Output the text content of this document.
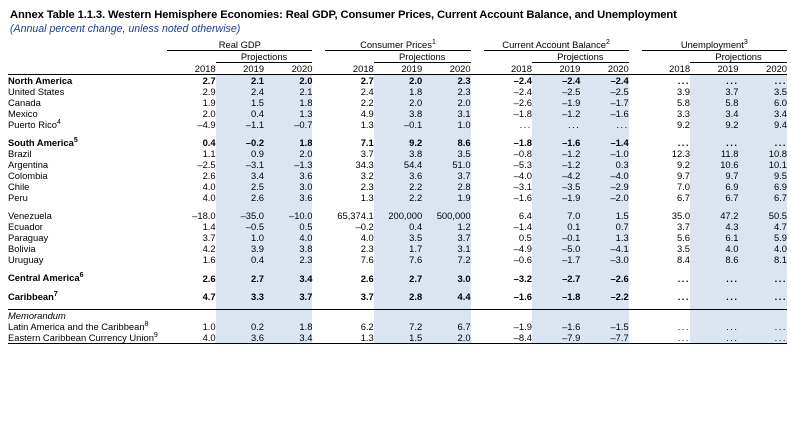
Annex Table 1.1.3. Western Hemisphere Economies: Real GDP, Consumer Prices, Current Account Balance, and Unemployment
(Annual percent change, unless noted otherwise)
	Real GDP				Consumer Prices$^1$				Current Account Balance$^2$				Unemployment$^3$
		Projections				Projections				Projections				Projections	
	2018	2019	2020		2018	2019	2020		2018	2019	2020		2018	2019	2020
North America	2.7	2.1	2.0		2.7	2.0	2.3		–2.4	–2.4	–2.4		...	...	...
United States	2.9	2.4	2.1		2.4	1.8	2.3		–2.4	–2.5	–2.5		3.9	3.7	3.5
Canada	1.9	1.5	1.8		2.2	2.0	2.0		–2.6	–1.9	–1.7		5.8	5.8	6.0
Mexico	2.0	0.4	1.3		4.9	3.8	3.1		–1.8	–1.2	–1.6		3.3	3.4	3.4
Puerto Rico$^4$	–4.9	–1.1	–0.7		1.3	–0.1	1.0		...	...	...		9.2	9.2	9.4

South America$^5$	0.4	–0.2	1.8		7.1	9.2	8.6		–1.8	–1.6	–1.4		...	...	...
Brazil	1.1	0.9	2.0		3.7	3.8	3.5		–0.8	–1.2	–1.0		12.3	11.8	10.8
Argentina	–2.5	–3.1	–1.3		34.3	54.4	51.0		–5.3	–1.2	0.3		9.2	10.6	10.1
Colombia	2.6	3.4	3.6		3.2	3.6	3.7		–4.0	–4.2	–4.0		9.7	9.7	9.5
Chile	4.0	2.5	3.0		2.3	2.2	2.8		–3.1	–3.5	–2.9		7.0	6.9	6.9
Peru	4.0	2.6	3.6		1.3	2.2	1.9		–1.6	–1.9	–2.0		6.7	6.7	6.7

Venezuela	–18.0	–35.0	–10.0		65,374.1	200,000	500,000		6.4	7.0	1.5		35.0	47.2	50.5
Ecuador	1.4	–0.5	0.5		–0.2	0.4	1.2		–1.4	0.1	0.7		3.7	4.3	4.7
Paraguay	3.7	1.0	4.0		4.0	3.5	3.7		0.5	–0.1	1.3		5.6	6.1	5.9
Bolivia	4.2	3.9	3.8		2.3	1.7	3.1		–4.9	–5.0	–4.1		3.5	4.0	4.0
Uruguay	1.6	0.4	2.3		7.6	7.6	7.2		–0.6	–1.7	–3.0		8.4	8.6	8.1

Central America$^6$	2.6	2.7	3.4		2.6	2.7	3.0		–3.2	–2.7	–2.6		...	...	...

Caribbean$^7$	4.7	3.3	3.7		3.7	2.8	4.4		–1.6	–1.8	–2.2		...	...	...

Memorandum															
Latin America and the Caribbean$^8$	1.0	0.2	1.8		6.2	7.2	6.7		–1.9	–1.6	–1.5		...	...	...
Eastern Caribbean Currency Union$^9$	4.0	3.6	3.4		1.3	1.5	2.0		–8.4	–7.9	–7.7		...	...	...
